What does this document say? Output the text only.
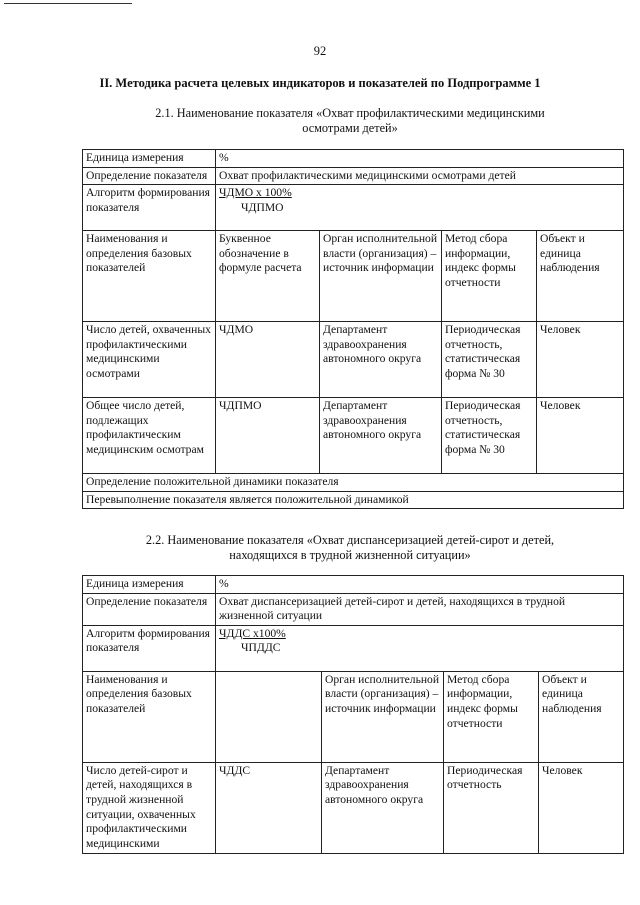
92
II. Методика расчета целевых индикаторов и показателей по Подпрограмме 1
2.1. Наименование показателя «Охват профилактическими медицинскими
осмотрами детей»
Единица измерения	%			
Определение показателя	Охват профилактическими медицинскими осмотрами детей			
Алгоритм формирования показателя	ЧДМО х 100%
ЧДПМО			

Наименования и определения базовых показателей	Буквенное обозначение в формуле расчета	Орган исполнительной власти (организация) – источник информации	Метод сбора информации, индекс формы отчетности	Объект и единица наблюдения
Число детей, охваченных профилактическими медицинскими осмотрами	ЧДМО	Департамент здравоохранения автономного округа	Периодическая отчетность, статистическая форма № 30	Человек
Общее число детей, подлежащих профилактическим медицинским осмотрам	ЧДПМО	Департамент здравоохранения автономного округа	Периодическая отчетность, статистическая форма № 30	Человек
Определение положительной динамики показателя				
Перевыполнение показателя является положительной динамикой				
2.2. Наименование показателя «Охват диспансеризацией детей-сирот и детей,
находящихся в трудной жизненной ситуации»
Единица измерения	%			
Определение показателя	Охват диспансеризацией детей-сирот и детей, находящихся в трудной жизненной ситуации			
Алгоритм формирования показателя	ЧДДС х100%
ЧПДДС			

Наименования и определения базовых показателей		Орган исполнительной власти (организация) – источник информации	Метод сбора информации, индекс формы отчетности	Объект и единица наблюдения
Число детей-сирот и детей, находящихся в трудной жизненной ситуации, охваченных профилактическими медицинскими	ЧДДС	Департамент здравоохранения автономного округа	Периодическая отчетность	Человек
